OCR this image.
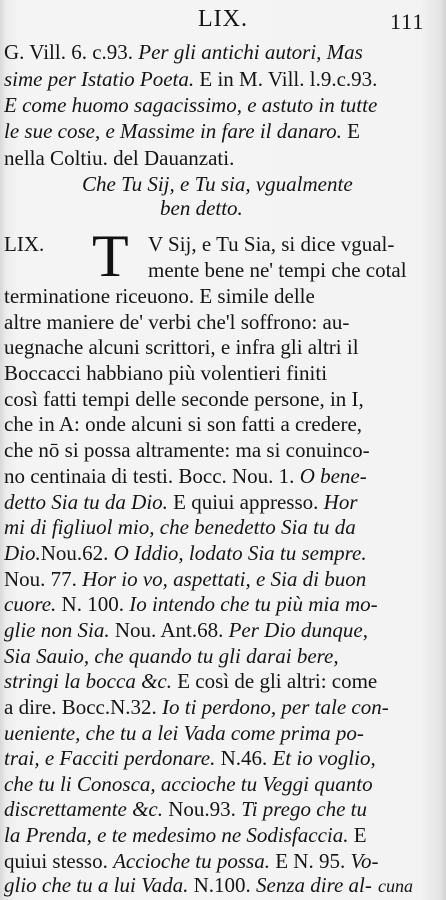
LIX.	111
G. Vill. 6. c.93. Per gli antichi autori, Mas
sime per Istatio Poeta. E in M. Vill. l.9.c.93.
E come huomo sagacissimo, e astuto in tutte
le sue cose, e Massime in fare il danaro. E
nella Coltiu. del Dauanzati.
Che Tu Sij, e Tu sia, vgualmente
ben detto.
T
LIX.	V Sij, e Tu Sia, si dice vgual-
mente bene ne' tempi che cotal
terminatione riceuono. E simile delle
altre maniere de' verbi che'l soffrono: au-
uegnache alcuni scrittori, e infra gli altri il
Boccacci habbiano più volentieri finiti
così fatti tempi delle seconde persone, in I,
che in A: onde alcuni si son fatti a credere,
che nō si possa altramente: ma si conuinco-
no centinaia di testi. Bocc. Nou. 1. O bene-
detto Sia tu da Dio. E quiui appresso. Hor
mi di figliuol mio, che benedetto Sia tu da
Dio.Nou.62. O Iddio, lodato Sia tu sempre.
Nou. 77. Hor io vo, aspettati, e Sia di buon
cuore. N. 100. Io intendo che tu più mia mo-
glie non Sia. Nou. Ant.68. Per Dio dunque,
Sia Sauio, che quando tu gli darai bere,
stringi la bocca &c. E così de gli altri: come
a dire. Bocc.N.32. Io ti perdono, per tale con-
ueniente, che tu a lei Vada come prima po-
trai, e Facciti perdonare. N.46. Et io voglio,
che tu li Conosca, accioche tu Veggi quanto
discrettamente &c. Nou.93. Ti prego che tu
la Prenda, e te medesimo ne Sodisfaccia. E
quiui stesso. Accioche tu possa. E N. 95. Vo-
glio che tu a lui Vada. N.100. Senza dire al- cuna
